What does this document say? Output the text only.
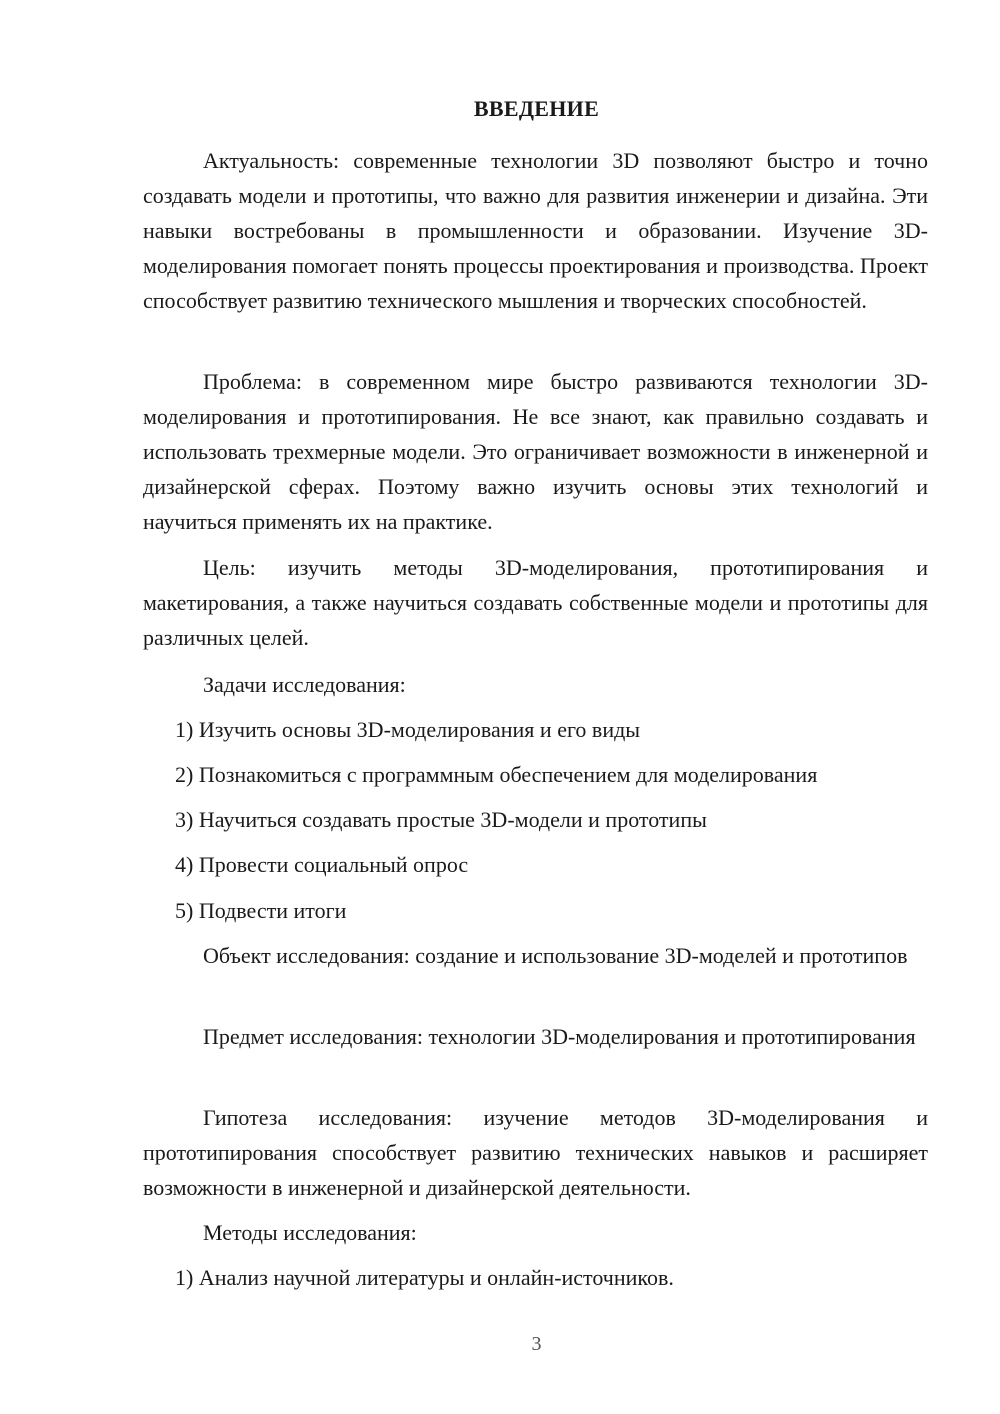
ВВЕДЕНИЕ

Актуальность: современные технологии 3D позволяют быстро и точно создавать модели и прототипы, что важно для развития инженерии и дизайна. Эти навыки востребованы в промышленности и образовании. Изучение 3D-моделирования помогает понять процессы проектирования и производства. Проект способствует развитию технического мышления и творческих способностей.

Проблема: в современном мире быстро развиваются технологии 3D-моделирования и прототипирования. Не все знают, как правильно создавать и использовать трехмерные модели. Это ограничивает возможности в инженерной и дизайнерской сферах. Поэтому важно изучить основы этих технологий и научиться применять их на практике.

Цель: изучить методы 3D-моделирования, прототипирования и макетирования, а также научиться создавать собственные модели и прототипы для различных целей.

Задачи исследования:
1) Изучить основы 3D-моделирования и его виды
2) Познакомиться с программным обеспечением для моделирования
3) Научиться создавать простые 3D-модели и прототипы
4) Провести социальный опрос
5) Подвести итоги

Объект исследования: создание и использование 3D-моделей и прототипов

Предмет исследования: технологии 3D-моделирования и прототипирования

Гипотеза исследования: изучение методов 3D-моделирования и прототипирования способствует развитию технических навыков и расширяет возможности в инженерной и дизайнерской деятельности.

Методы исследования:
1) Анализ научной литературы и онлайн-источников.
3
